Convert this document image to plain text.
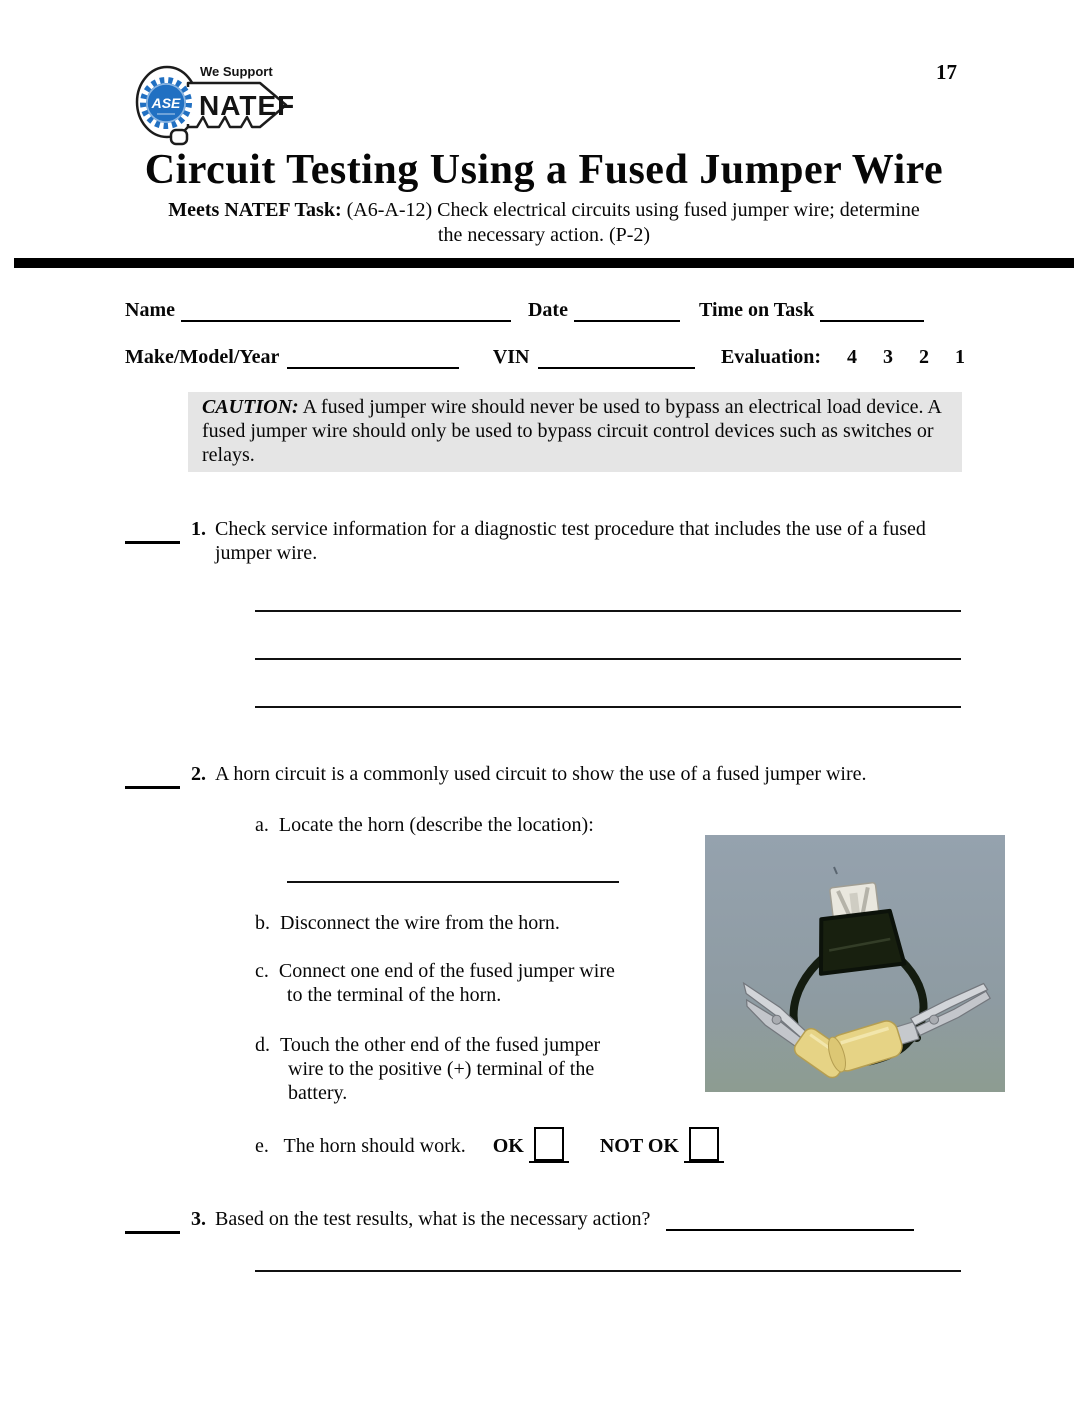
ASE
We Support
NATEF
17
Circuit Testing Using a Fused Jumper Wire
Meets NATEF Task: (A6-A-12) Check electrical circuits using fused jumper wire; determine
the necessary action. (P-2)
Name	Date	Time on Task
Make/Model/Year	VIN	Evaluation: 4 3 2 1
CAUTION: A fused jumper wire should never be used to bypass an electrical load device. A fused jumper wire should only be used to bypass circuit control devices such as switches or relays.
1. Check service information for a diagnostic test procedure that includes the use of a fused jumper wire.
2. A horn circuit is a commonly used circuit to show the use of a fused jumper wire.
a. Locate the horn (describe the location):
b. Disconnect the wire from the horn.
c. Connect one end of the fused jumper wire
to the terminal of the horn.
d. Touch the other end of the fused jumper
wire to the positive (+) terminal of the
battery.
e. The horn should work. OK	NOT OK
3. Based on the test results, what is the necessary action?
